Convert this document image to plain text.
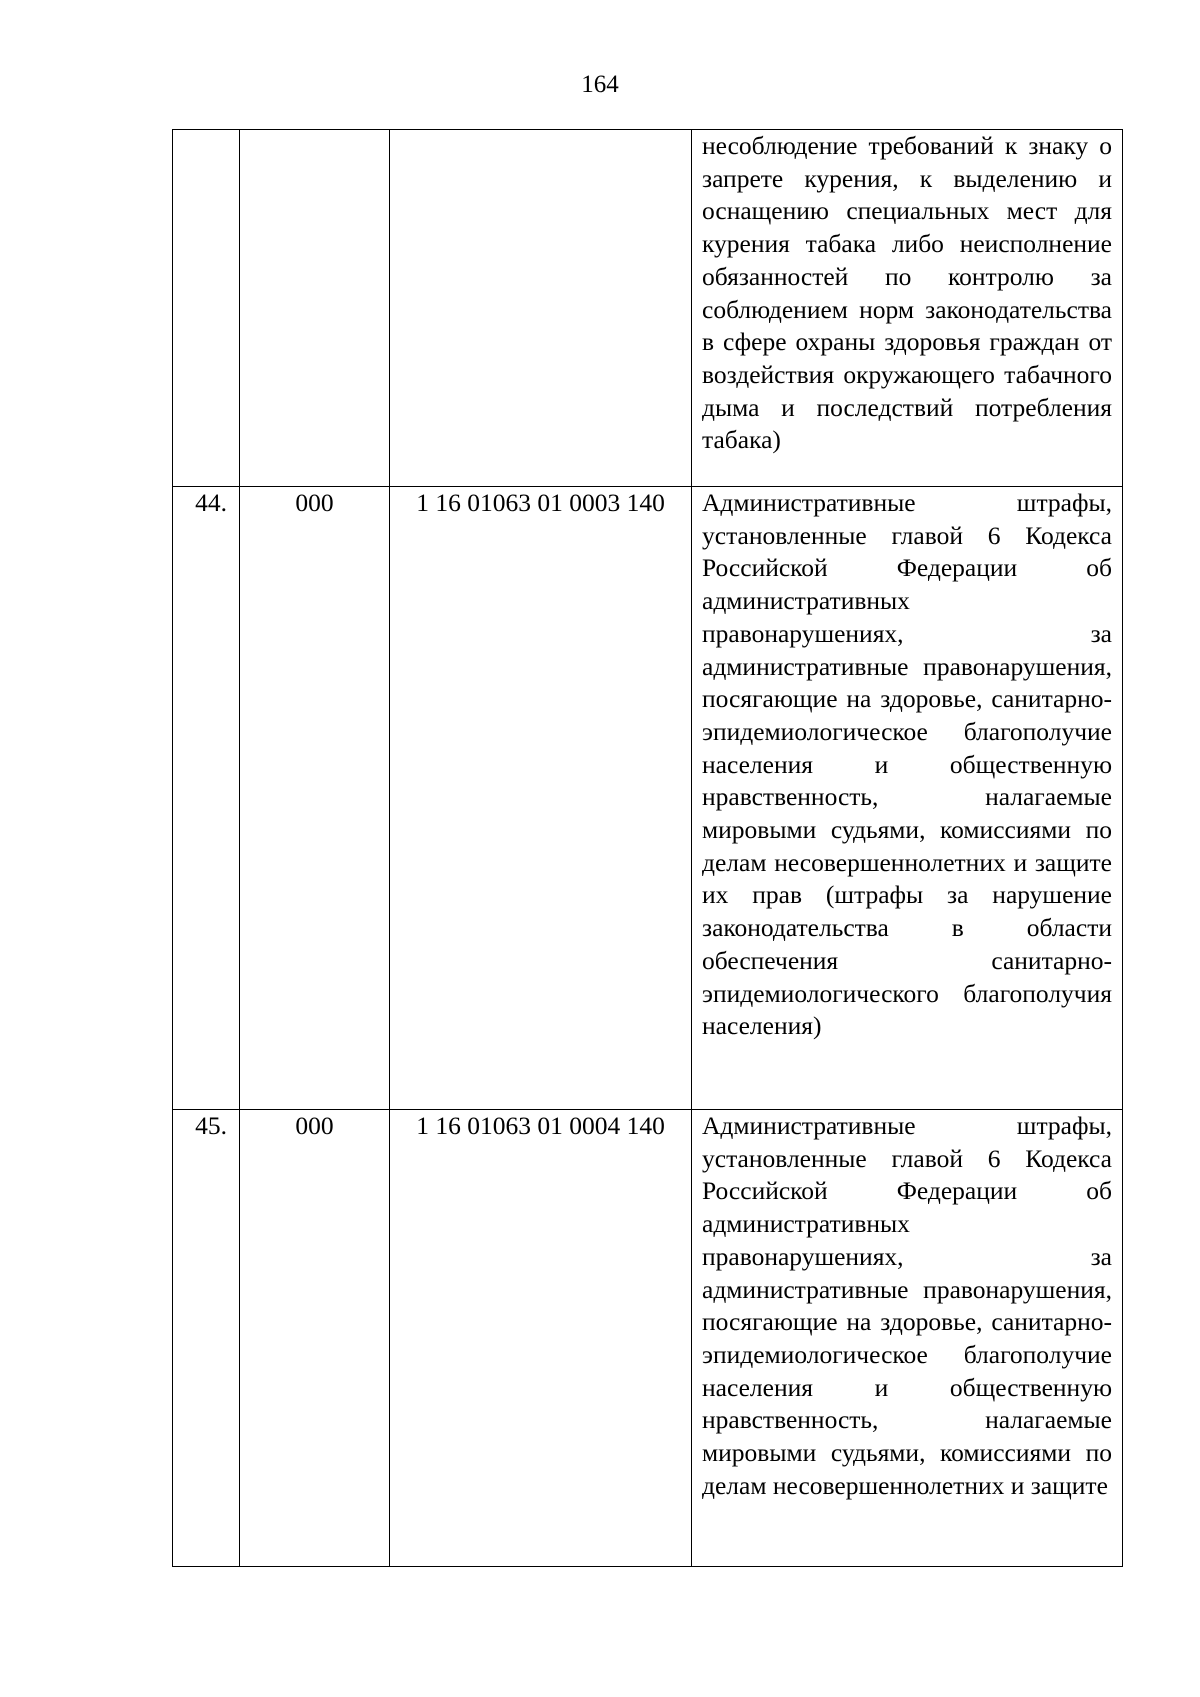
164
			несоблюдение требований к знаку о запрете курения, к выделению и оснащению специальных мест для курения табака либо неисполнение обязанностей по контролю за соблюдением норм законодательства в сфере охраны здоровья граждан от воздействия окружающего табачного дыма и последствий потребления табака)
44.	000	1 16 01063 01 0003 140	Административные штрафы, установленные главой 6 Кодекса Российской Федерации об административных правонарушениях, за административные правонарушения, посягающие на здоровье, санитарно-эпидемиологическое благополучие населения и общественную нравственность, налагаемые мировыми судьями, комиссиями по делам несовершеннолетних и защите их прав (штрафы за нарушение законодательства в области обеспечения санитарно-эпидемиологического благополучия населения)
45.	000	1 16 01063 01 0004 140	Административные штрафы, установленные главой 6 Кодекса Российской Федерации об административных правонарушениях, за административные правонарушения, посягающие на здоровье, санитарно-эпидемиологическое благополучие населения и общественную нравственность, налагаемые мировыми судьями, комиссиями по делам несовершеннолетних и защите
